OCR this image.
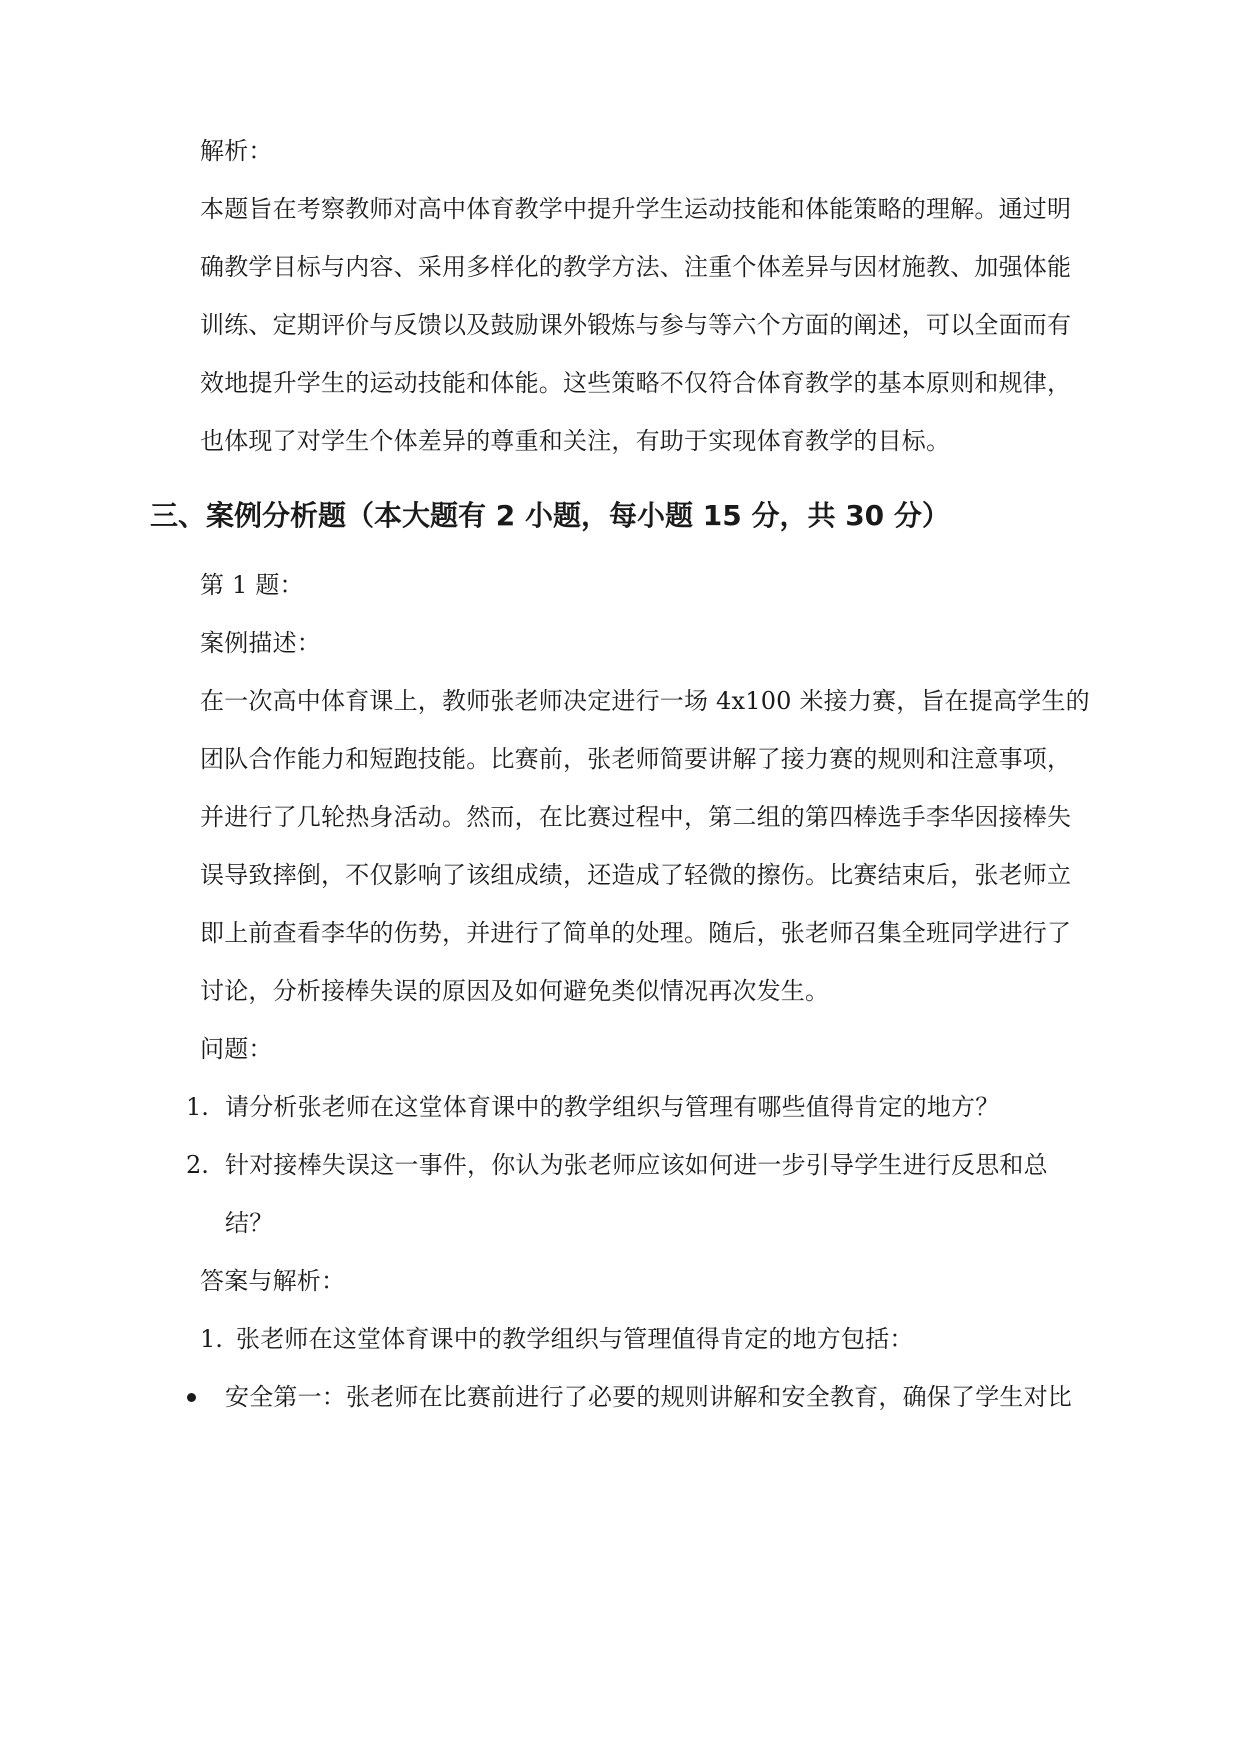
解析：
本题旨在考察教师对高中体育教学中提升学生运动技能和体能策略的理解。通过明
确教学目标与内容、采用多样化的教学方法、注重个体差异与因材施教、加强体能
训练、定期评价与反馈以及鼓励课外锻炼与参与等六个方面的阐述，可以全面而有
效地提升学生的运动技能和体能。这些策略不仅符合体育教学的基本原则和规律，
也体现了对学生个体差异的尊重和关注，有助于实现体育教学的目标。
三、案例分析题（本大题有 2 小题，每小题 15 分，共 30 分）
第 1 题：
案例描述：
在一次高中体育课上，教师张老师决定进行一场 4x100 米接力赛，旨在提高学生的
团队合作能力和短跑技能。比赛前，张老师简要讲解了接力赛的规则和注意事项，
并进行了几轮热身活动。然而，在比赛过程中，第二组的第四棒选手李华因接棒失
误导致摔倒，不仅影响了该组成绩，还造成了轻微的擦伤。比赛结束后，张老师立
即上前查看李华的伤势，并进行了简单的处理。随后，张老师召集全班同学进行了
讨论，分析接棒失误的原因及如何避免类似情况再次发生。
问题：
1. 请分析张老师在这堂体育课中的教学组织与管理有哪些值得肯定的地方？
2. 针对接棒失误这一事件，你认为张老师应该如何进一步引导学生进行反思和总
结？
答案与解析：
1. 张老师在这堂体育课中的教学组织与管理值得肯定的地方包括：
安全第一：张老师在比赛前进行了必要的规则讲解和安全教育，确保了学生对比
